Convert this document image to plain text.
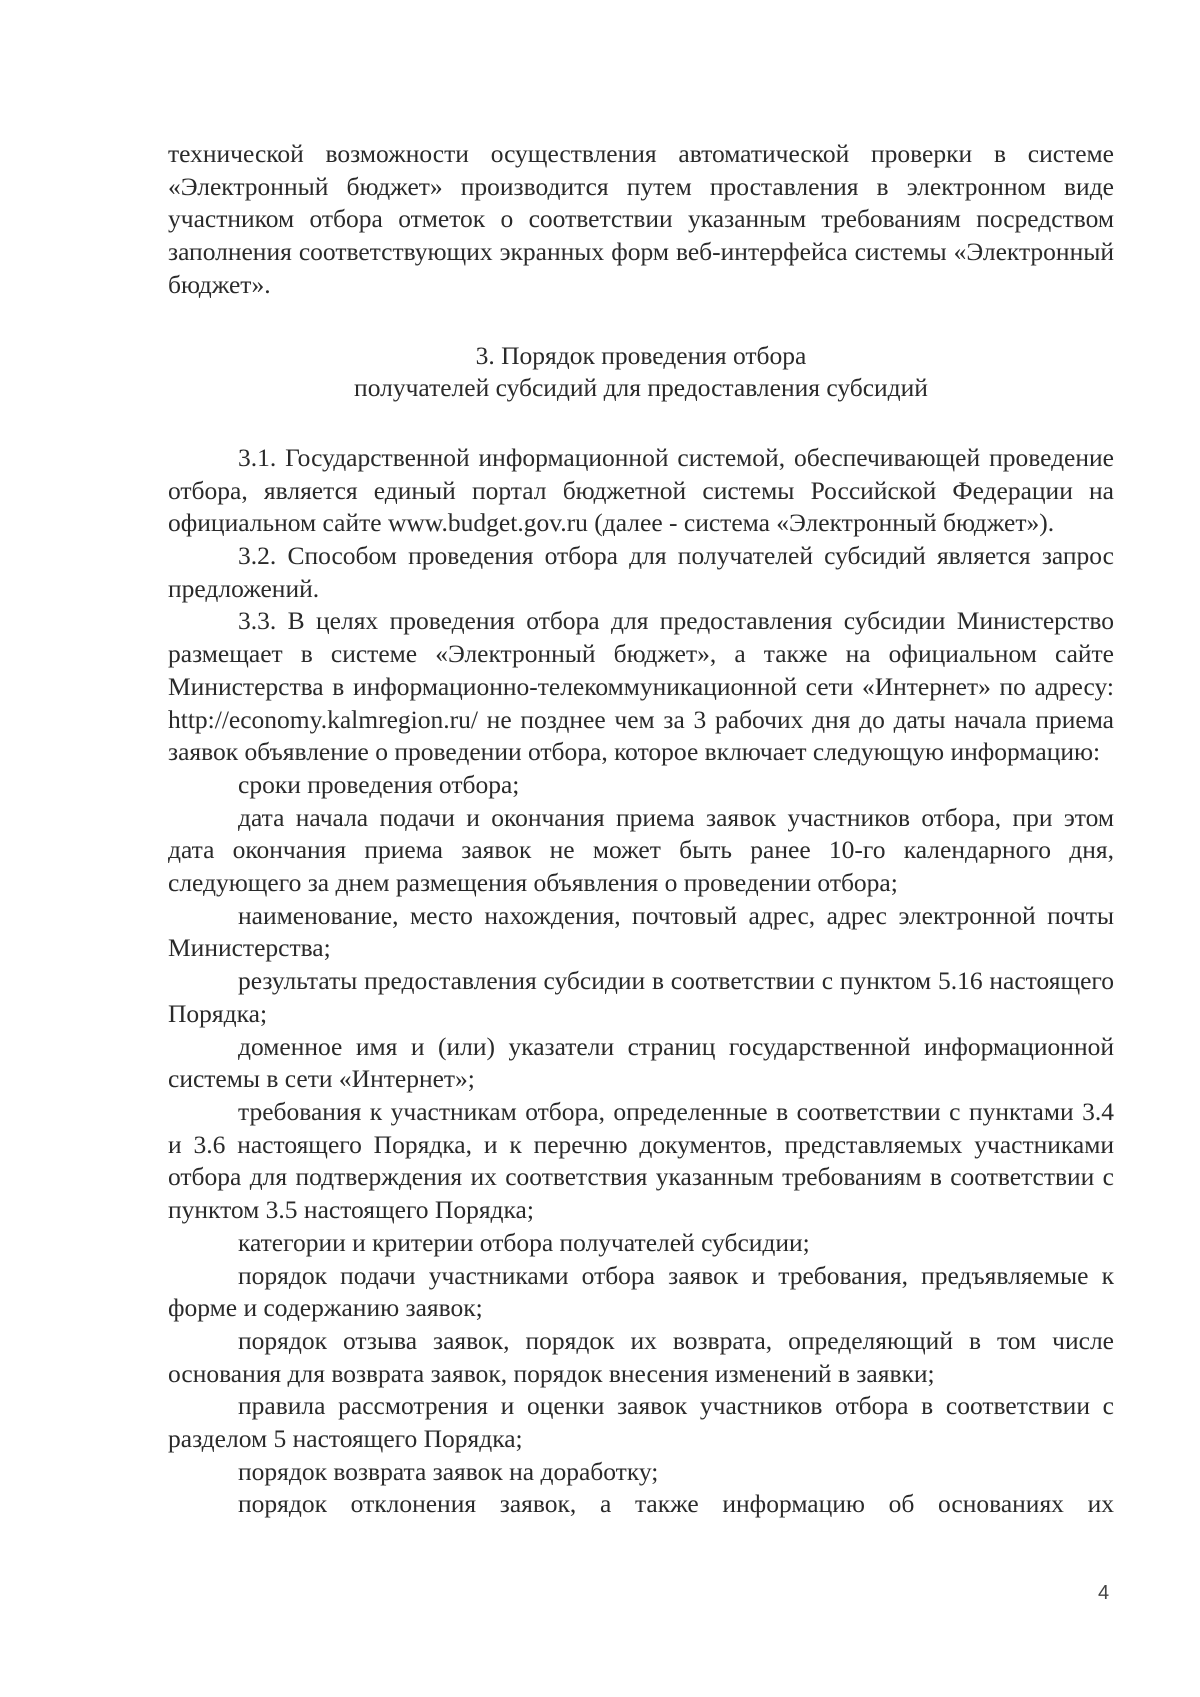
технической возможности осуществления автоматической проверки в системе «Электронный бюджет» производится путем проставления в электронном виде участником отбора отметок о соответствии указанным требованиям посредством заполнения соответствующих экранных форм веб-интерфейса системы «Электронный бюджет».

3. Порядок проведения отбора
получателей субсидий для предоставления субсидий

3.1. Государственной информационной системой, обеспечивающей проведение отбора, является единый портал бюджетной системы Российской Федерации на официальном сайте www.budget.gov.ru (далее - система «Электронный бюджет»).

3.2. Способом проведения отбора для получателей субсидий является запрос предложений.

3.3. В целях проведения отбора для предоставления субсидии Министерство размещает в системе «Электронный бюджет», а также на официальном сайте Министерства в информационно-телекоммуникационной сети «Интернет» по адресу: http://economy.kalmregion.ru/ не позднее чем за 3 рабочих дня до даты начала приема заявок объявление о проведении отбора, которое включает следующую информацию:

сроки проведения отбора;

дата начала подачи и окончания приема заявок участников отбора, при этом дата окончания приема заявок не может быть ранее 10-го календарного дня, следующего за днем размещения объявления о проведении отбора;

наименование, место нахождения, почтовый адрес, адрес электронной почты Министерства;

результаты предоставления субсидии в соответствии с пунктом 5.16 настоящего Порядка;

доменное имя и (или) указатели страниц государственной информационной системы в сети «Интернет»;

требования к участникам отбора, определенные в соответствии с пунктами 3.4 и 3.6 настоящего Порядка, и к перечню документов, представляемых участниками отбора для подтверждения их соответствия указанным требованиям в соответствии с пунктом 3.5 настоящего Порядка;

категории и критерии отбора получателей субсидии;

порядок подачи участниками отбора заявок и требования, предъявляемые к форме и содержанию заявок;

порядок отзыва заявок, порядок их возврата, определяющий в том числе основания для возврата заявок, порядок внесения изменений в заявки;

правила рассмотрения и оценки заявок участников отбора в соответствии с разделом 5 настоящего Порядка;

порядок возврата заявок на доработку;

порядок отклонения заявок, а также информацию об основаниях их

4
